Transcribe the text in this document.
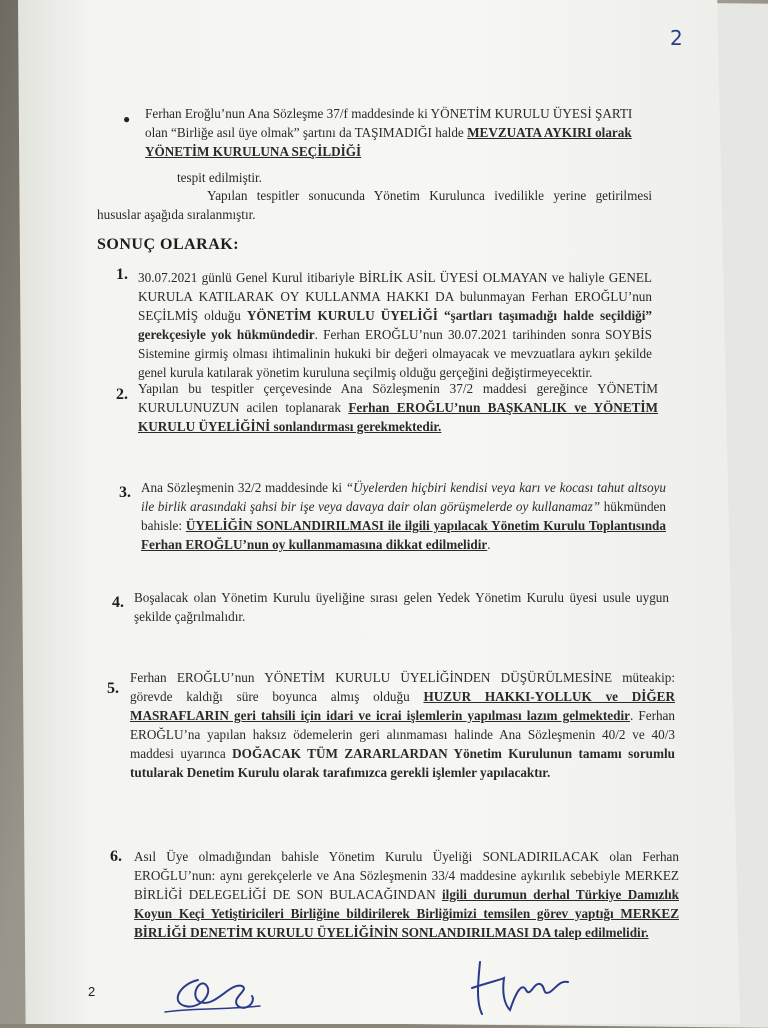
2
● Ferhan Eroğlu’nun Ana Sözleşme 37/f maddesinde ki YÖNETİM KURULU ÜYESİ ŞARTI olan “Birliğe asıl üye olmak” şartını da TAŞIMADIĞI halde MEVZUATA AYKIRI olarak YÖNETİM KURULUNA SEÇİLDİĞİ
tespit edilmiştir.
Yapılan tespitler sonucunda Yönetim Kurulunca ivedilikle yerine getirilmesi hususlar aşağıda sıralanmıştır.
SONUÇ OLARAK:
1. 30.07.2021 günlü Genel Kurul itibariyle BİRLİK ASİL ÜYESİ OLMAYAN ve haliyle GENEL KURULA KATILARAK OY KULLANMA HAKKI DA bulunmayan Ferhan EROĞLU’nun SEÇİLMİŞ olduğu YÖNETİM KURULU ÜYELİĞİ “şartları taşımadığı halde seçildiği” gerekçesiyle yok hükmündedir. Ferhan EROĞLU’nun 30.07.2021 tarihinden sonra SOYBİS Sistemine girmiş olması ihtimalinin hukuki bir değeri olmayacak ve mevzuatlara aykırı şekilde genel kurula katılarak yönetim kuruluna seçilmiş olduğu gerçeğini değiştirmeyecektir.
2. Yapılan bu tespitler çerçevesinde Ana Sözleşmenin 37/2 maddesi gereğince YÖNETİM KURULUNUZUN acilen toplanarak Ferhan EROĞLU’nun BAŞKANLIK ve YÖNETİM KURULU ÜYELİĞİNİ sonlandırması gerekmektedir.
3. Ana Sözleşmenin 32/2 maddesinde ki “Üyelerden hiçbiri kendisi veya karı ve kocası tahut altsoyu ile birlik arasındaki şahsi bir işe veya davaya dair olan görüşmelerde oy kullanamaz” hükmünden bahisle: ÜYELİĞİN SONLANDIRILMASI ile ilgili yapılacak Yönetim Kurulu Toplantısında Ferhan EROĞLU’nun oy kullanmamasına dikkat edilmelidir.
4. Boşalacak olan Yönetim Kurulu üyeliğine sırası gelen Yedek Yönetim Kurulu üyesi usule uygun şekilde çağrılmalıdır.
5.
Ferhan EROĞLU’nun YÖNETİM KURULU ÜYELİĞİNDEN DÜŞÜRÜLMESİNE müteakip: görevde kaldığı süre boyunca almış olduğu HUZUR HAKKI-YOLLUK ve DİĞER MASRAFLARIN geri tahsili için idari ve icrai işlemlerin yapılması lazım gelmektedir. Ferhan EROĞLU’na yapılan haksız ödemelerin geri alınmaması halinde Ana Sözleşmenin 40/2 ve 40/3 maddesi uyarınca DOĞACAK TÜM ZARARLARDAN Yönetim Kurulunun tamamı sorumlu tutularak Denetim Kurulu olarak tarafımızca gerekli işlemler yapılacaktır.
6. Asıl Üye olmadığından bahisle Yönetim Kurulu Üyeliği SONLADIRILACAK olan Ferhan EROĞLU’nun: aynı gerekçelerle ve Ana Sözleşmenin 33/4 maddesine aykırılık sebebiyle MERKEZ BİRLİĞİ DELEGELİĞİ DE SON BULACAĞINDAN ilgili durumun derhal Türkiye Damızlık Koyun Keçi Yetiştiricileri Birliğine bildirilerek Birliğimizi temsilen görev yaptığı MERKEZ BİRLİĞİ DENETİM KURULU ÜYELİĞİNİN SONLANDIRILMASI DA talep edilmelidir.
2
